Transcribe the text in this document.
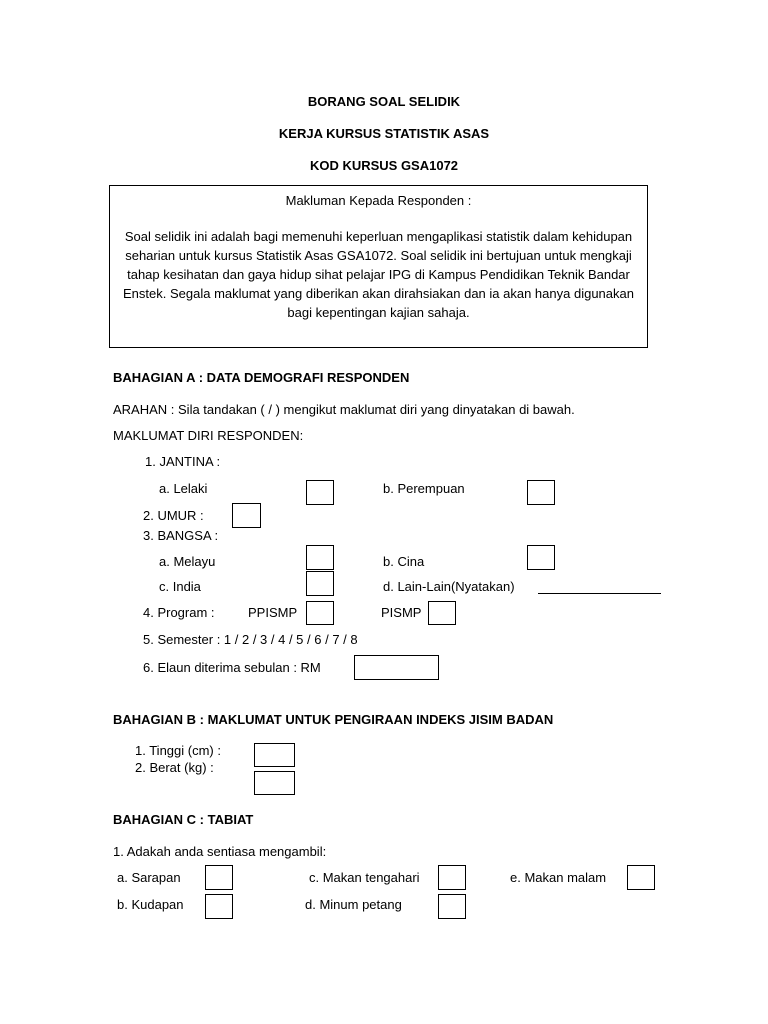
BORANG SOAL SELIDIK
KERJA KURSUS STATISTIK ASAS
KOD KURSUS GSA1072
Makluman Kepada Responden :
Soal selidik ini adalah bagi memenuhi keperluan mengaplikasi statistik dalam kehidupan seharian untuk kursus Statistik Asas GSA1072. Soal selidik ini bertujuan untuk mengkaji tahap kesihatan dan gaya hidup sihat pelajar IPG di Kampus Pendidikan Teknik Bandar Enstek. Segala maklumat yang diberikan akan dirahsiakan dan ia akan hanya digunakan bagi kepentingan kajian sahaja.
BAHAGIAN A : DATA DEMOGRAFI RESPONDEN
ARAHAN : Sila tandakan ( / ) mengikut maklumat diri yang dinyatakan di bawah.
MAKLUMAT DIRI RESPONDEN:
1. JANTINA :
a. Lelaki	b. Perempuan
2. UMUR :
3. BANGSA :
a. Melayu	b. Cina
c. India	d. Lain-Lain(Nyatakan)
4. Program :	PPISMP	PISMP
5. Semester : 1 / 2 / 3 / 4 / 5 / 6 / 7 / 8
6. Elaun diterima sebulan : RM
BAHAGIAN B : MAKLUMAT UNTUK PENGIRAAN INDEKS JISIM BADAN
1. Tinggi (cm) :
2. Berat (kg) :
BAHAGIAN C : TABIAT
1. Adakah anda sentiasa mengambil:
a. Sarapan	c. Makan tengahari	e. Makan malam
b. Kudapan	d. Minum petang
